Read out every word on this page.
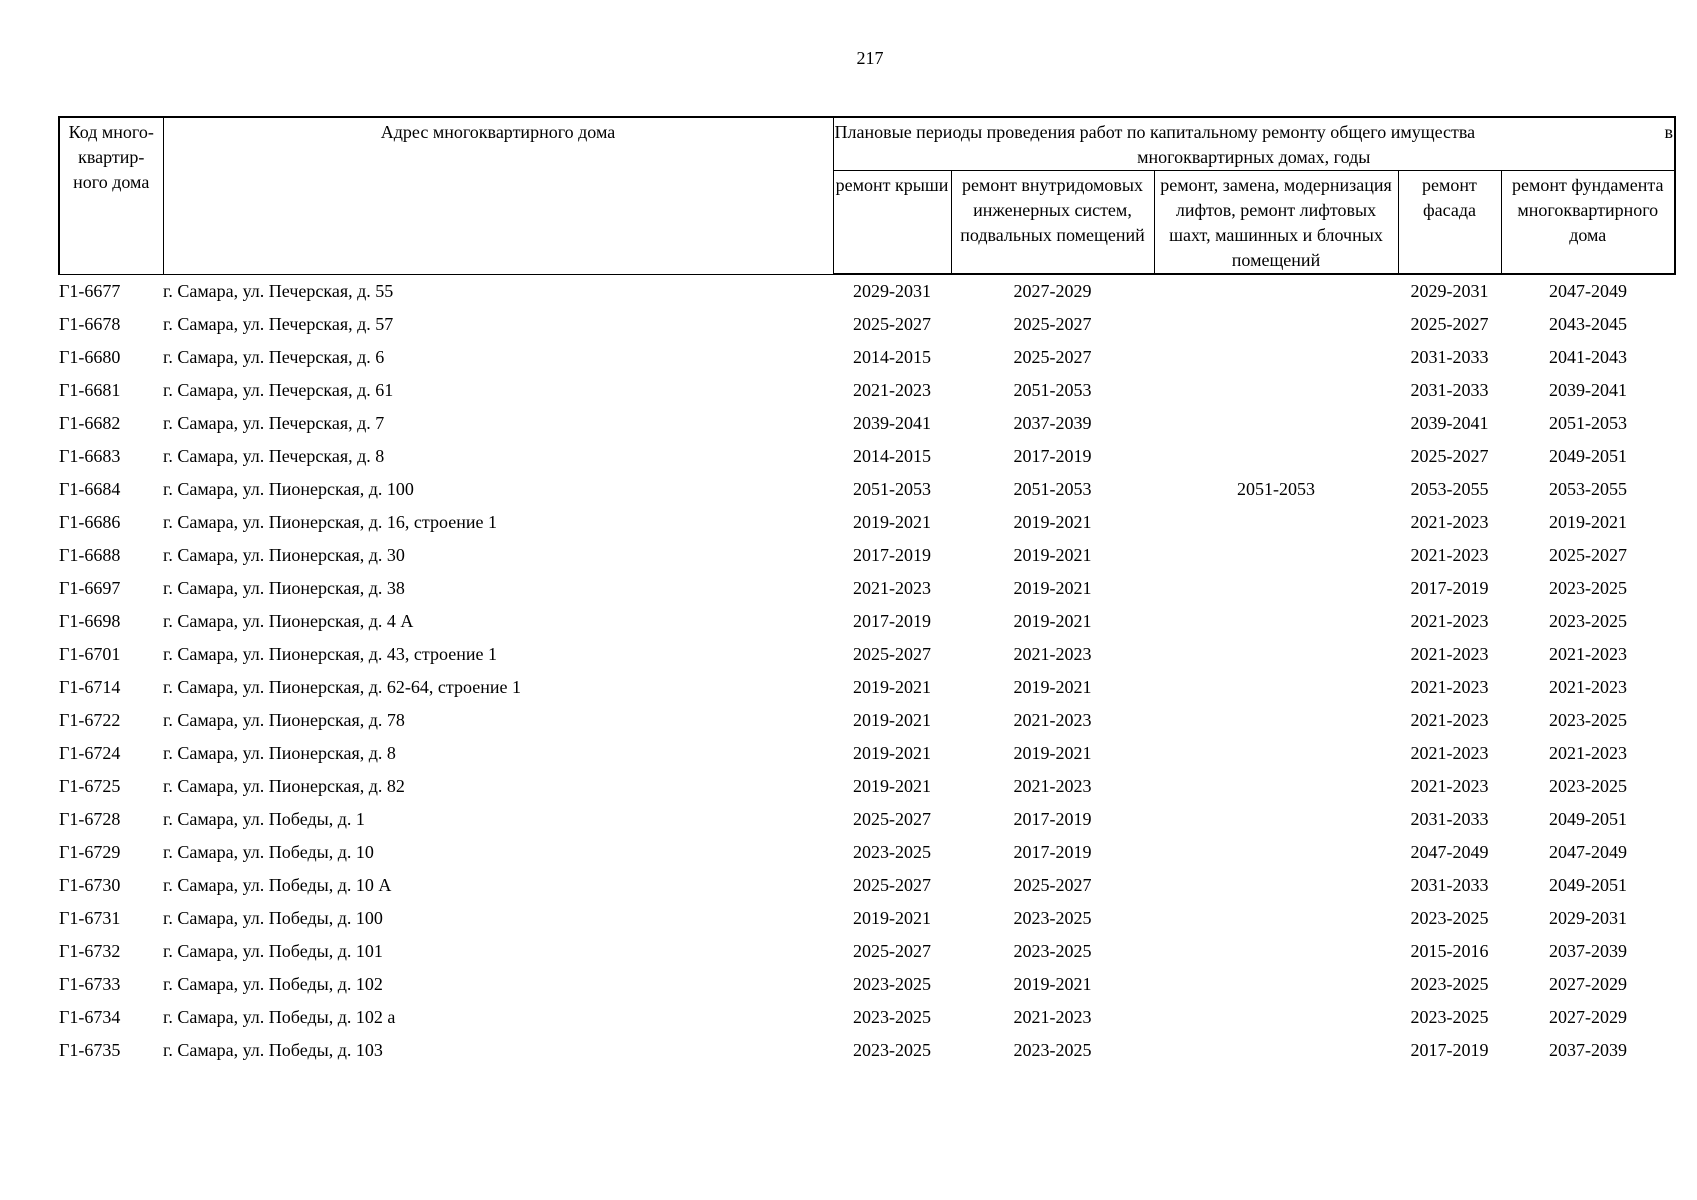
217
Код много-квартир-ного дома	Адрес многоквартирного дома	Плановые периоды проведения работ по капитальному ремонту общего имущества в
многоквартирных домах, годы				

		ремонт крыши	ремонт внутридомовых инженерных систем, подвальных помещений	ремонт, замена, модернизация лифтов, ремонт лифтовых шахт, машинных и блочных помещений	ремонт фасада	ремонт фундамента многоквартирного дома
Г1-6677	г. Самара, ул. Печерская, д. 55	2029-2031	2027-2029		2029-2031	2047-2049
Г1-6678	г. Самара, ул. Печерская, д. 57	2025-2027	2025-2027		2025-2027	2043-2045
Г1-6680	г. Самара, ул. Печерская, д. 6	2014-2015	2025-2027		2031-2033	2041-2043
Г1-6681	г. Самара, ул. Печерская, д. 61	2021-2023	2051-2053		2031-2033	2039-2041
Г1-6682	г. Самара, ул. Печерская, д. 7	2039-2041	2037-2039		2039-2041	2051-2053
Г1-6683	г. Самара, ул. Печерская, д. 8	2014-2015	2017-2019		2025-2027	2049-2051
Г1-6684	г. Самара, ул. Пионерская, д. 100	2051-2053	2051-2053	2051-2053	2053-2055	2053-2055
Г1-6686	г. Самара, ул. Пионерская, д. 16, строение 1	2019-2021	2019-2021		2021-2023	2019-2021
Г1-6688	г. Самара, ул. Пионерская, д. 30	2017-2019	2019-2021		2021-2023	2025-2027
Г1-6697	г. Самара, ул. Пионерская, д. 38	2021-2023	2019-2021		2017-2019	2023-2025
Г1-6698	г. Самара, ул. Пионерская, д. 4 А	2017-2019	2019-2021		2021-2023	2023-2025
Г1-6701	г. Самара, ул. Пионерская, д. 43, строение 1	2025-2027	2021-2023		2021-2023	2021-2023
Г1-6714	г. Самара, ул. Пионерская, д. 62-64, строение 1	2019-2021	2019-2021		2021-2023	2021-2023
Г1-6722	г. Самара, ул. Пионерская, д. 78	2019-2021	2021-2023		2021-2023	2023-2025
Г1-6724	г. Самара, ул. Пионерская, д. 8	2019-2021	2019-2021		2021-2023	2021-2023
Г1-6725	г. Самара, ул. Пионерская, д. 82	2019-2021	2021-2023		2021-2023	2023-2025
Г1-6728	г. Самара, ул. Победы, д. 1	2025-2027	2017-2019		2031-2033	2049-2051
Г1-6729	г. Самара, ул. Победы, д. 10	2023-2025	2017-2019		2047-2049	2047-2049
Г1-6730	г. Самара, ул. Победы, д. 10 А	2025-2027	2025-2027		2031-2033	2049-2051
Г1-6731	г. Самара, ул. Победы, д. 100	2019-2021	2023-2025		2023-2025	2029-2031
Г1-6732	г. Самара, ул. Победы, д. 101	2025-2027	2023-2025		2015-2016	2037-2039
Г1-6733	г. Самара, ул. Победы, д. 102	2023-2025	2019-2021		2023-2025	2027-2029
Г1-6734	г. Самара, ул. Победы, д. 102 а	2023-2025	2021-2023		2023-2025	2027-2029
Г1-6735	г. Самара, ул. Победы, д. 103	2023-2025	2023-2025		2017-2019	2037-2039
